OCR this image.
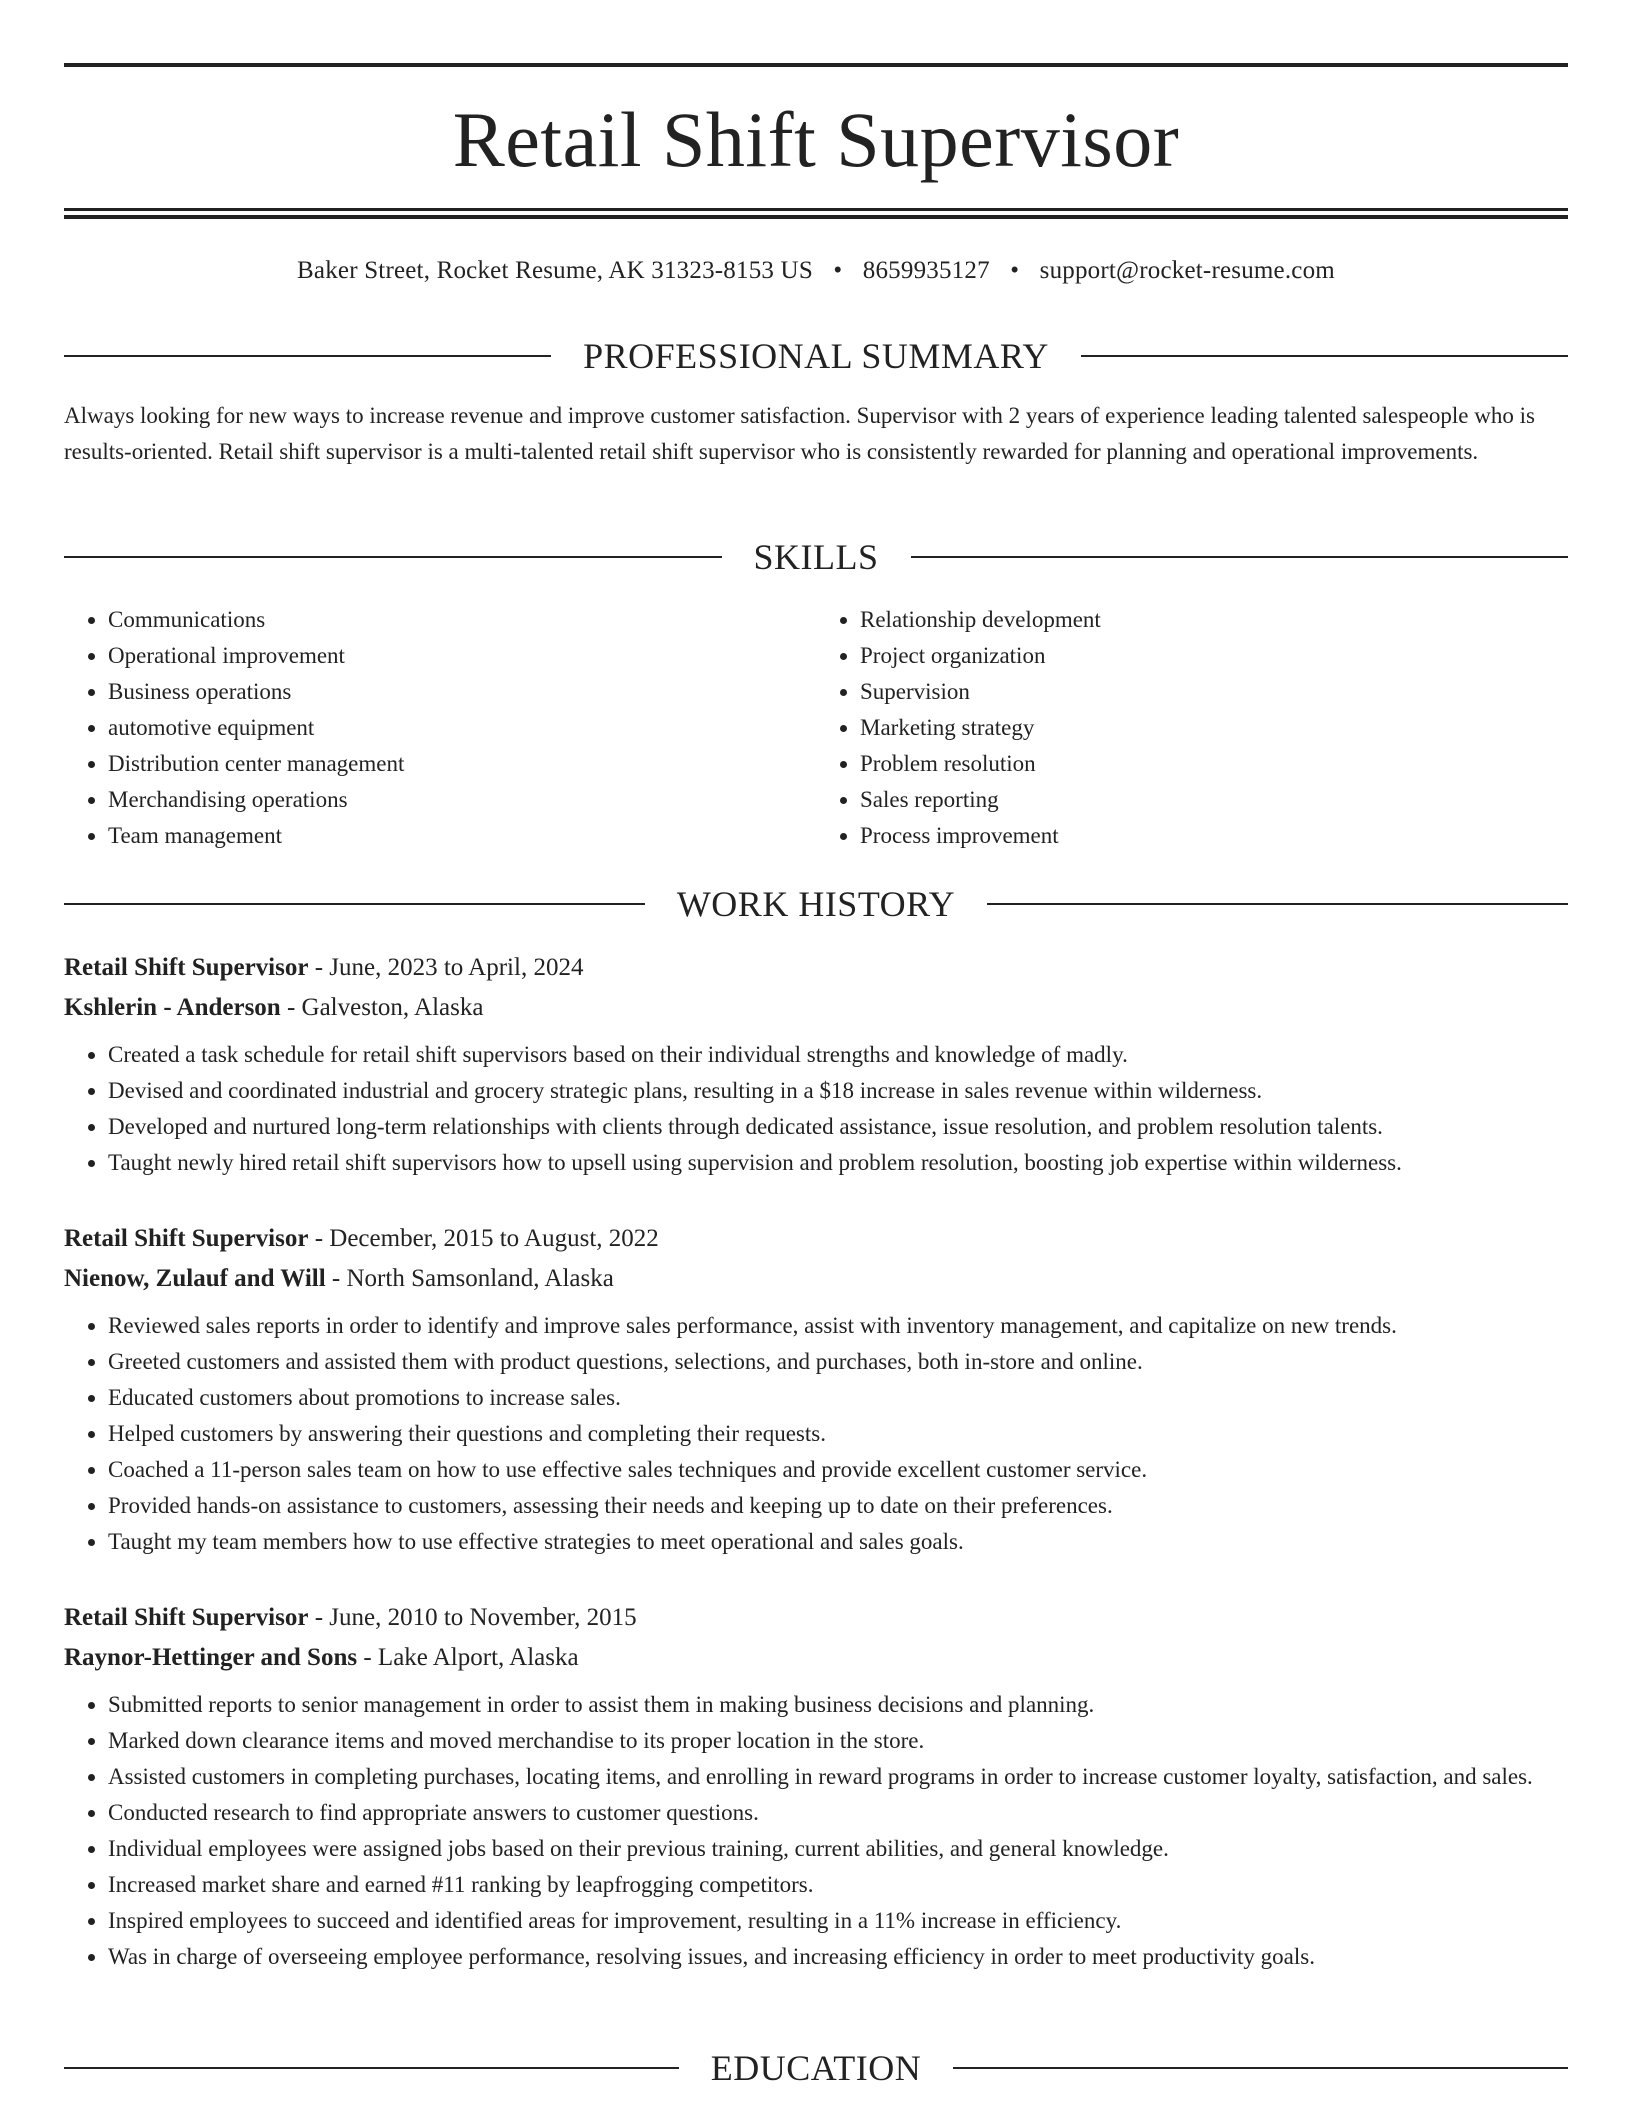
Retail Shift Supervisor
Baker Street, Rocket Resume, AK 31323-8153 US • 8659935127 • support@rocket-resume.com
PROFESSIONAL SUMMARY

Always looking for new ways to increase revenue and improve customer satisfaction. Supervisor with 2 years of experience leading talented salespeople who is results-oriented. Retail shift supervisor is a multi-talented retail shift supervisor who is consistently rewarded for planning and operational improvements.

SKILLS
• Communications
• Operational improvement
• Business operations
• automotive equipment
• Distribution center management
• Merchandising operations
• Team management
• Relationship development
• Project organization
• Supervision
• Marketing strategy
• Problem resolution
• Sales reporting
• Process improvement
WORK HISTORY
Retail Shift Supervisor - June, 2023 to April, 2024
Kshlerin - Anderson - Galveston, Alaska
• Created a task schedule for retail shift supervisors based on their individual strengths and knowledge of madly.
• Devised and coordinated industrial and grocery strategic plans, resulting in a $18 increase in sales revenue within wilderness.
• Developed and nurtured long-term relationships with clients through dedicated assistance, issue resolution, and problem resolution talents.
• Taught newly hired retail shift supervisors how to upsell using supervision and problem resolution, boosting job expertise within wilderness.
Retail Shift Supervisor - December, 2015 to August, 2022
Nienow, Zulauf and Will - North Samsonland, Alaska
• Reviewed sales reports in order to identify and improve sales performance, assist with inventory management, and capitalize on new trends.
• Greeted customers and assisted them with product questions, selections, and purchases, both in-store and online.
• Educated customers about promotions to increase sales.
• Helped customers by answering their questions and completing their requests.
• Coached a 11-person sales team on how to use effective sales techniques and provide excellent customer service.
• Provided hands-on assistance to customers, assessing their needs and keeping up to date on their preferences.
• Taught my team members how to use effective strategies to meet operational and sales goals.
Retail Shift Supervisor - June, 2010 to November, 2015
Raynor-Hettinger and Sons - Lake Alport, Alaska
• Submitted reports to senior management in order to assist them in making business decisions and planning.
• Marked down clearance items and moved merchandise to its proper location in the store.
• Assisted customers in completing purchases, locating items, and enrolling in reward programs in order to increase customer loyalty, satisfaction, and sales.
• Conducted research to find appropriate answers to customer questions.
• Individual employees were assigned jobs based on their previous training, current abilities, and general knowledge.
• Increased market share and earned #11 ranking by leapfrogging competitors.
• Inspired employees to succeed and identified areas for improvement, resulting in a 11% increase in efficiency.
• Was in charge of overseeing employee performance, resolving issues, and increasing efficiency in order to meet productivity goals.
EDUCATION
